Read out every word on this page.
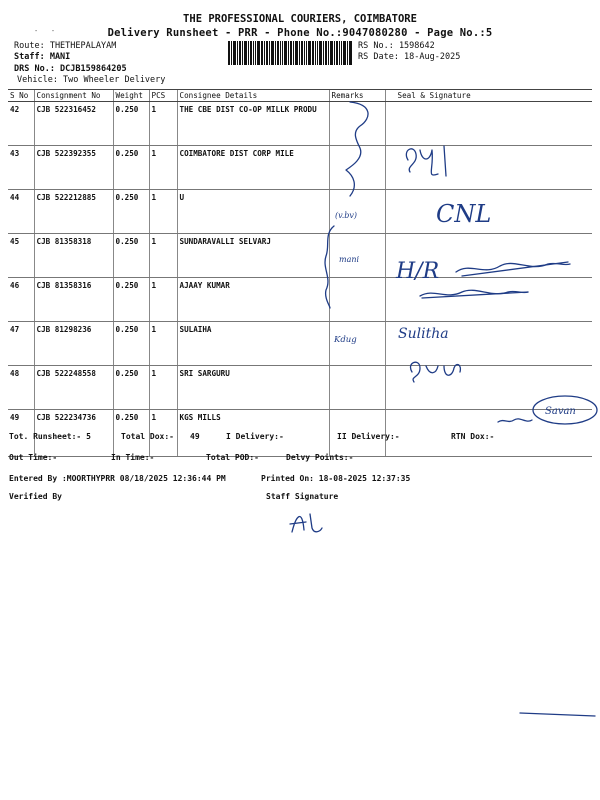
THE PROFESSIONAL COURIERS, COIMBATORE
Delivery Runsheet - PRR - Phone No.:9047080280 - Page No.:5
-   -
Route: THETHEPALAYAM
Staff: MANI
DRS No.: DCJB159864205
Vehicle: Two Wheeler Delivery
RS No.: 1598642
RS Date: 18-Aug-2025
S No	Consignment No	Weight	PCS	Consignee Details	Remarks	Seal & Signature
42	CJB 522316452	0.250	1	THE CBE DIST CO-OP MILLK PRODU		
43	CJB 522392355	0.250	1	COIMBATORE DIST CORP MILE		
44	CJB 522212885	0.250	1	U		
45	CJB 81358318	0.250	1	SUNDARAVALLI SELVARJ		
46	CJB 81358316	0.250	1	AJAAY KUMAR		
47	CJB 81298236	0.250	1	SULAIHA		
48	CJB 522248558	0.250	1	SRI SARGURU		
49	CJB 522234736	0.250	1	KGS MILLS		
(v.bv)
mani
Kdug
CNL
H/R
Sulitha
Savan
Tot. Runsheet:- 5	Total Dox:- 49	I Delivery:-	II Delivery:-	RTN Dox:-
Out Time:-	In Time:-	Total POD:-	Delvy Points:-
Entered By :MOORTHYPRR 08/18/2025 12:36:44 PM	Printed On: 18-08-2025 12:37:35
Verified By	Staff Signature
